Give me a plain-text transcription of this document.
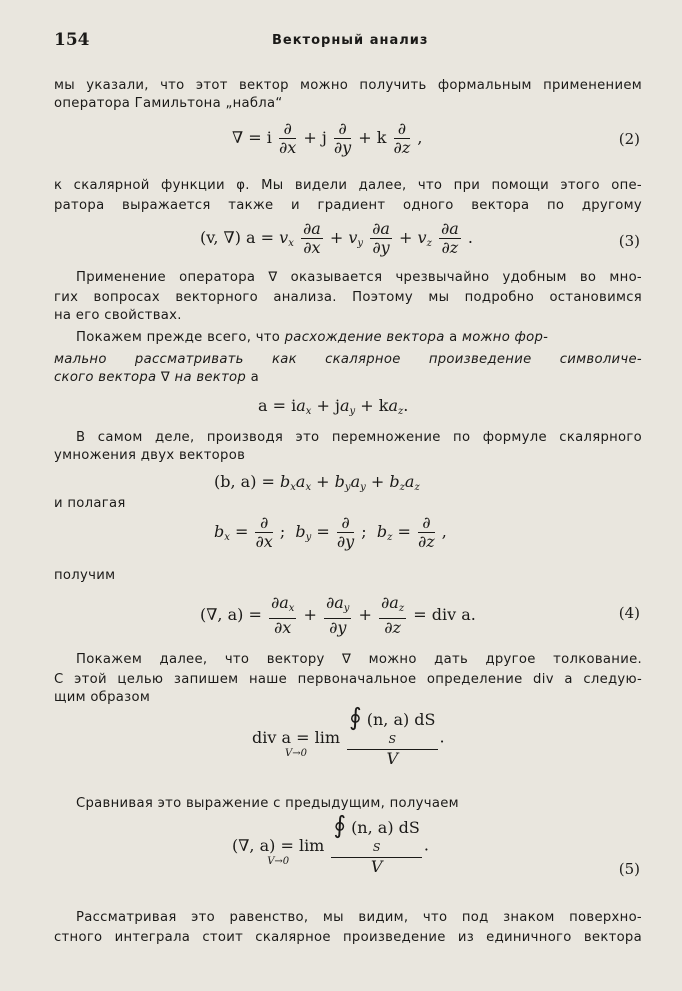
154	Векторный анализ
мы указали, что этот вектор можно получить формальным применением
оператора Гамильтона „набла“
∇ = i $\frac{\partial}{\partial x} + j \frac{\partial}{\partial y} + k \frac{\partial}{\partial z}$ ,	(2)
к скалярной функции φ. Мы видели далее, что при помощи этого опе-
ратора выражается также и градиент одного вектора по другому
(v, ∇) $a = v_x \frac{\partial a}{\partial x} + v_y \frac{\partial a}{\partial y} + v_z \frac{\partial a}{\partial z}$ .	(3)
Применение оператора ∇ оказывается чрезвычайно удобным во мно-
гих вопросах векторного анализа. Поэтому мы подробно остановимся
на его свойствах.
Покажем прежде всего, что расхождение вектора a можно фор-
мально рассматривать как скалярное произведение символиче-
ского вектора ∇ на вектор a
$a = ia_x + ja_y + ka_z$.
В самом деле, производя это перемножение по формуле скалярного
умножения двух векторов
(b, $a) = b_xa_x + b_ya_y + b_za_z$
и полагая
$b_x = \frac{\partial}{\partial x}$ ;  $b_y = \frac{\partial}{\partial y}$ ;  $b_z = \frac{\partial}{\partial z}$ ,
получим
(∇, $a) = \frac{\partial a_x}{\partial x} + \frac{\partial a_y}{\partial y} + \frac{\partial a_z}{\partial z}$ = div a.	(4)
Покажем далее, что вектору ∇ можно дать другое толкование.
С этой целью запишем наше первоначальное определение div a следую-
щим образом

div a = lim
V→0

∮ (n, a) dS
S
V
.
Сравнивая это выражение с предыдущим, получаем

(∇, a) = lim
V→0

∮ (n, a) dS
S
V
.
(5)
Рассматривая это равенство, мы видим, что под знаком поверхно-
стного интеграла стоит скалярное произведение из единичного вектора
